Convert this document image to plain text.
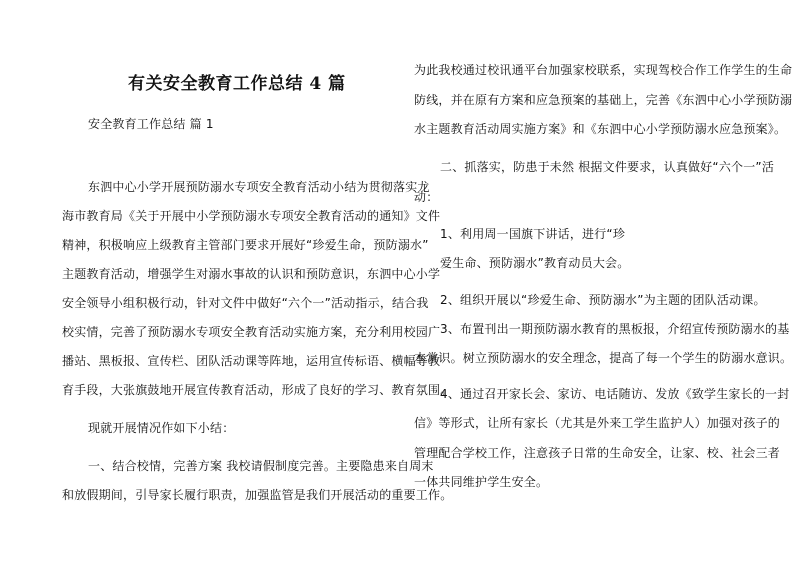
有关安全教育工作总结 4 篇
安全教育工作总结 篇 1
东泗中心小学开展预防溺水专项安全教育活动小结为贯彻落实龙
海市教育局《关于开展中小学预防溺水专项安全教育活动的通知》文件
精神，积极响应上级教育主管部门要求开展好“珍爱生命，预防溺水”
主题教育活动，增强学生对溺水事故的认识和预防意识，东泗中心小学
安全领导小组积极行动，针对文件中做好“六个一”活动指示，结合我
校实情，完善了预防溺水专项安全教育活动实施方案，充分利用校园广
播站、黑板报、宣传栏、团队活动课等阵地，运用宣传标语、横幅等教
育手段，大张旗鼓地开展宣传教育活动，形成了良好的学习、教育氛围。
现就开展情况作如下小结：
一、结合校情，完善方案 我校请假制度完善。主要隐患来自周末
和放假期间，引导家长履行职责，加强监管是我们开展活动的重要工作。
为此我校通过校讯通平台加强家校联系，实现驾校合作工作学生的生命
防线，并在原有方案和应急预案的基础上，完善《东泗中心小学预防溺
水主题教育活动周实施方案》和《东泗中心小学预防溺水应急预案》。
二、抓落实，防患于未然 根据文件要求，认真做好“六个一”活
动：
1、利用周一国旗下讲话，进行“珍
爱生命、预防溺水”教育动员大会。
2、组织开展以“珍爱生命、预防溺水”为主题的团队活动课。
3、布置刊出一期预防溺水教育的黑板报，介绍宣传预防溺水的基
本常识。树立预防溺水的安全理念，提高了每一个学生的防溺水意识。
4、通过召开家长会、家访、电话随访、发放《致学生家长的一封
信》等形式，让所有家长（尤其是外来工学生监护人）加强对孩子的
管理配合学校工作，注意孩子日常的生命安全，让家、校、社会三者
一体共同维护学生安全。
